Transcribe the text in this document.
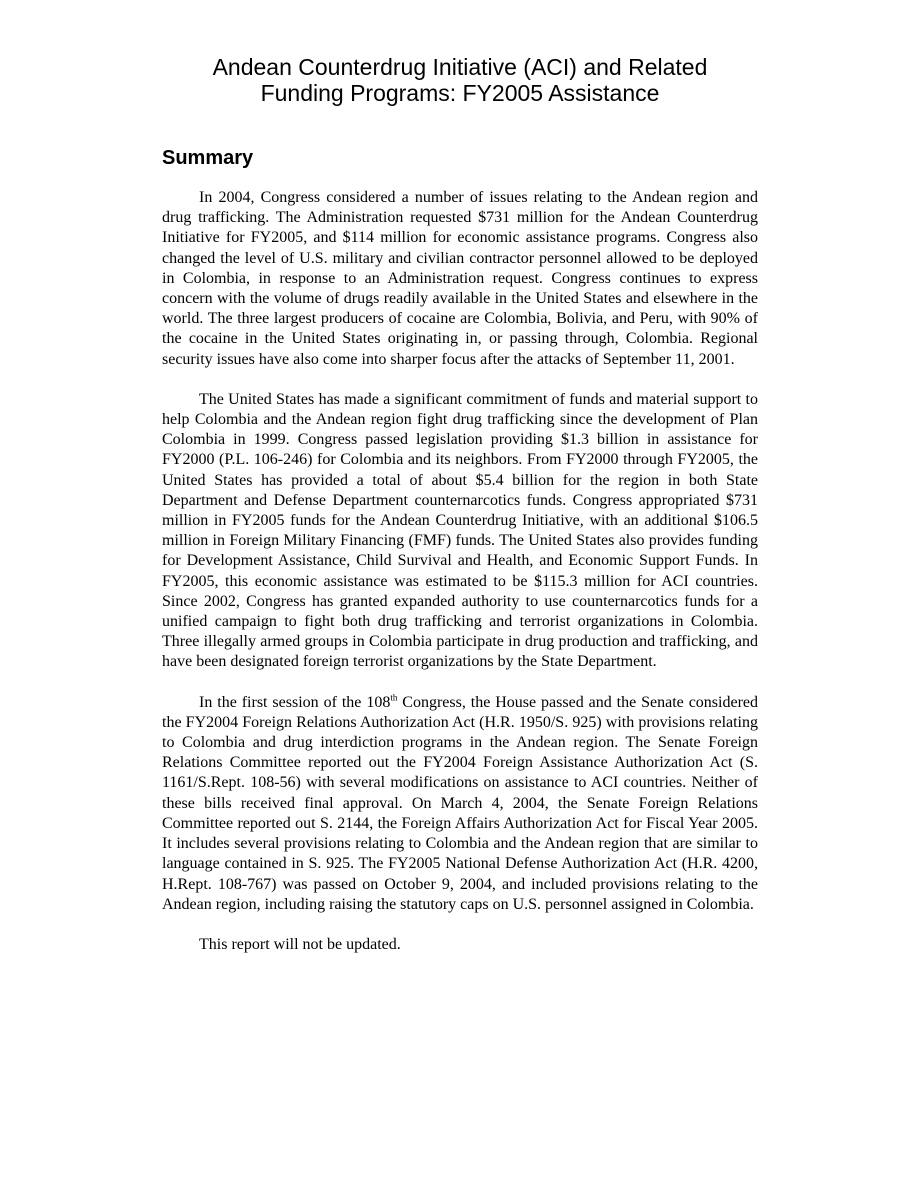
Andean Counterdrug Initiative (ACI) and Related
Funding Programs: FY2005 Assistance
Summary

In 2004, Congress considered a number of issues relating to the Andean region and drug trafficking. The Administration requested $731 million for the Andean Counterdrug Initiative for FY2005, and $114 million for economic assistance programs. Congress also changed the level of U.S. military and civilian contractor personnel allowed to be deployed in Colombia, in response to an Administration request. Congress continues to express concern with the volume of drugs readily available in the United States and elsewhere in the world. The three largest producers of cocaine are Colombia, Bolivia, and Peru, with 90% of the cocaine in the United States originating in, or passing through, Colombia. Regional security issues have also come into sharper focus after the attacks of September 11, 2001.

The United States has made a significant commitment of funds and material support to help Colombia and the Andean region fight drug trafficking since the development of Plan Colombia in 1999. Congress passed legislation providing $1.3 billion in assistance for FY2000 (P.L. 106-246) for Colombia and its neighbors. From FY2000 through FY2005, the United States has provided a total of about $5.4 billion for the region in both State Department and Defense Department counternarcotics funds. Congress appropriated $731 million in FY2005 funds for the Andean Counterdrug Initiative, with an additional $106.5 million in Foreign Military Financing (FMF) funds. The United States also provides funding for Development Assistance, Child Survival and Health, and Economic Support Funds. In FY2005, this economic assistance was estimated to be $115.3 million for ACI countries. Since 2002, Congress has granted expanded authority to use counternarcotics funds for a unified campaign to fight both drug trafficking and terrorist organizations in Colombia. Three illegally armed groups in Colombia participate in drug production and trafficking, and have been designated foreign terrorist organizations by the State Department.

In the first session of the 108th Congress, the House passed and the Senate considered the FY2004 Foreign Relations Authorization Act (H.R. 1950/S. 925) with provisions relating to Colombia and drug interdiction programs in the Andean region. The Senate Foreign Relations Committee reported out the FY2004 Foreign Assistance Authorization Act (S. 1161/S.Rept. 108-56) with several modifications on assistance to ACI countries. Neither of these bills received final approval. On March 4, 2004, the Senate Foreign Relations Committee reported out S. 2144, the Foreign Affairs Authorization Act for Fiscal Year 2005. It includes several provisions relating to Colombia and the Andean region that are similar to language contained in S. 925. The FY2005 National Defense Authorization Act (H.R. 4200, H.Rept. 108-767) was passed on October 9, 2004, and included provisions relating to the Andean region, including raising the statutory caps on U.S. personnel assigned in Colombia.

This report will not be updated.
